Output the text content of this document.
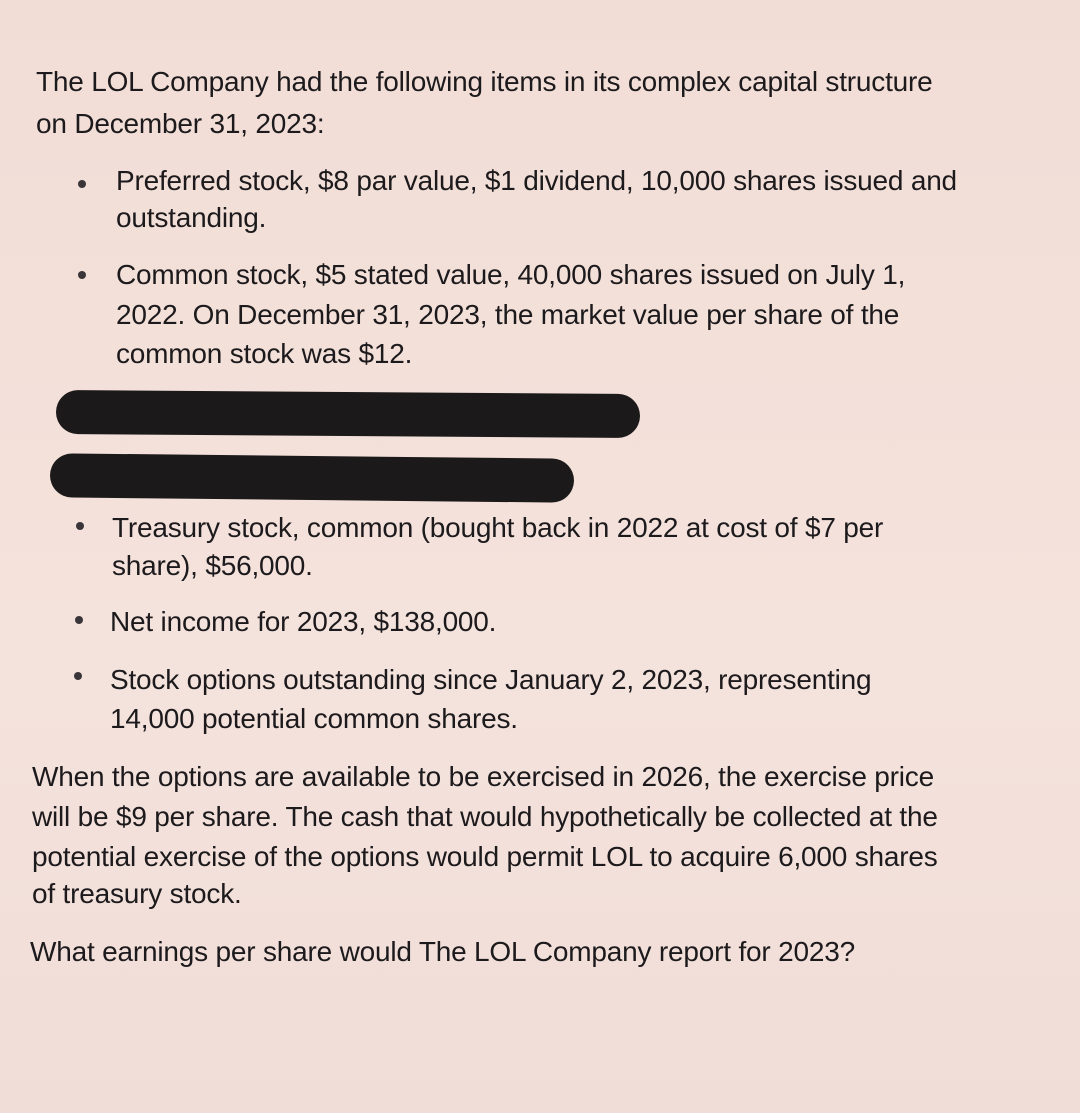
The LOL Company had the following items in its complex capital structure
on December 31, 2023:
Preferred stock, $8 par value, $1 dividend, 10,000 shares issued and
outstanding.
Common stock, $5 stated value, 40,000 shares issued on July 1,
2022. On December 31, 2023, the market value per share of the
common stock was $12.
Treasury stock, common (bought back in 2022 at cost of $7 per
share), $56,000.
Net income for 2023, $138,000.
Stock options outstanding since January 2, 2023, representing
14,000 potential common shares.
When the options are available to be exercised in 2026, the exercise price
will be $9 per share. The cash that would hypothetically be collected at the
potential exercise of the options would permit LOL to acquire 6,000 shares
of treasury stock.
What earnings per share would The LOL Company report for 2023?
